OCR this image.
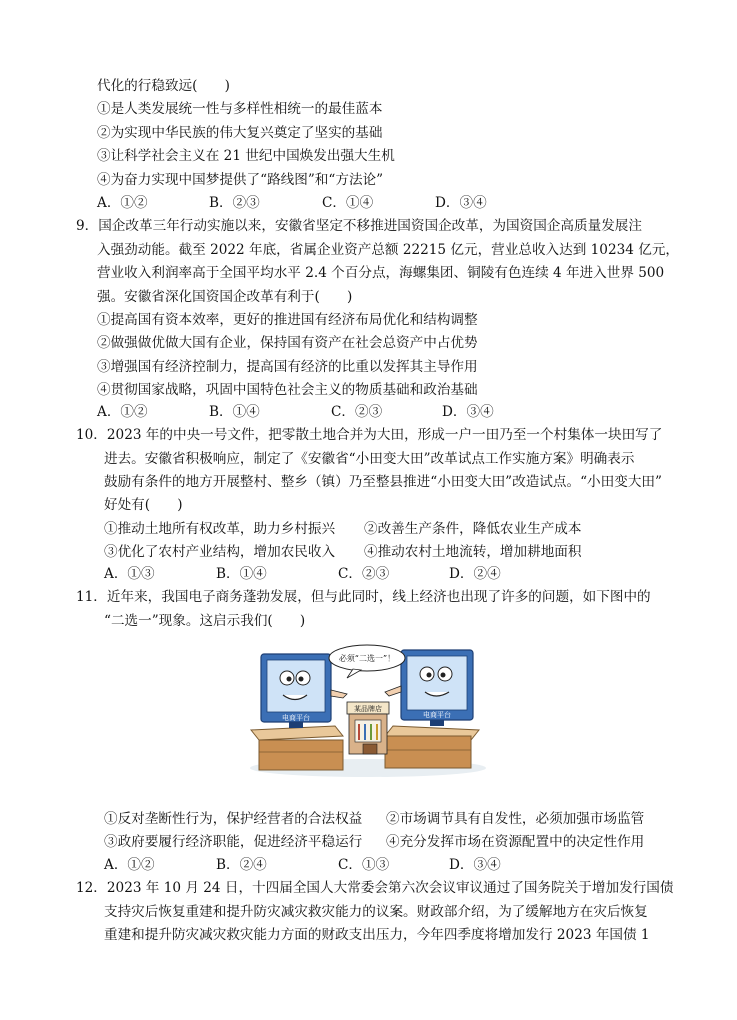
代化的行稳致远(　　)
①是人类发展统一性与多样性相统一的最佳蓝本
②为实现中华民族的伟大复兴奠定了坚实的基础
③让科学社会主义在 21 世纪中国焕发出强大生机
④为奋力实现中国梦提供了“路线图”和“方法论”
A．①②	B．②③	C．①④	D．③④
9．国企改革三年行动实施以来，安徽省坚定不移推进国资国企改革，为国资国企高质量发展注
入强劲动能。截至 2022 年底，省属企业资产总额 22215 亿元，营业总收入达到 10234 亿元，
营业收入利润率高于全国平均水平 2.4 个百分点，海螺集团、铜陵有色连续 4 年进入世界 500
强。安徽省深化国资国企改革有利于(　　)
①提高国有资本效率，更好的推进国有经济布局优化和结构调整
②做强做优做大国有企业，保持国有资产在社会总资产中占优势
③增强国有经济控制力，提高国有经济的比重以发挥其主导作用
④贯彻国家战略，巩固中国特色社会主义的物质基础和政治基础
A．①②	B．①④	C．②③	D．③④
10．2023 年的中央一号文件，把零散土地合并为大田，形成一户一田乃至一个村集体一块田写了
进去。安徽省积极响应，制定了《安徽省“小田变大田”改革试点工作实施方案》明确表示
鼓励有条件的地方开展整村、整乡（镇）乃至整县推进“小田变大田”改造试点。“小田变大田”
好处有(　　)
①推动土地所有权改革，助力乡村振兴 ②改善生产条件，降低农业生产成本
③优化了农村产业结构，增加农民收入 ④推动农村土地流转，增加耕地面积
A．①③	B．①④	C．②③	D．②④
11．近年来，我国电子商务蓬勃发展，但与此同时，线上经济也出现了许多的问题，如下图中的
“二选一”现象。这启示我们(　　)
电商平台	电商平台
必须“二选一”！
某品牌店
①反对垄断性行为，保护经营者的合法权益 ②市场调节具有自发性，必须加强市场监管
③政府要履行经济职能，促进经济平稳运行 ④充分发挥市场在资源配置中的决定性作用
A．①②	B．②④	C．①③	D．③④
12．2023 年 10 月 24 日，十四届全国人大常委会第六次会议审议通过了国务院关于增加发行国债
支持灾后恢复重建和提升防灾减灾救灾能力的议案。财政部介绍，为了缓解地方在灾后恢复
重建和提升防灾减灾救灾能力方面的财政支出压力，今年四季度将增加发行 2023 年国债 1
